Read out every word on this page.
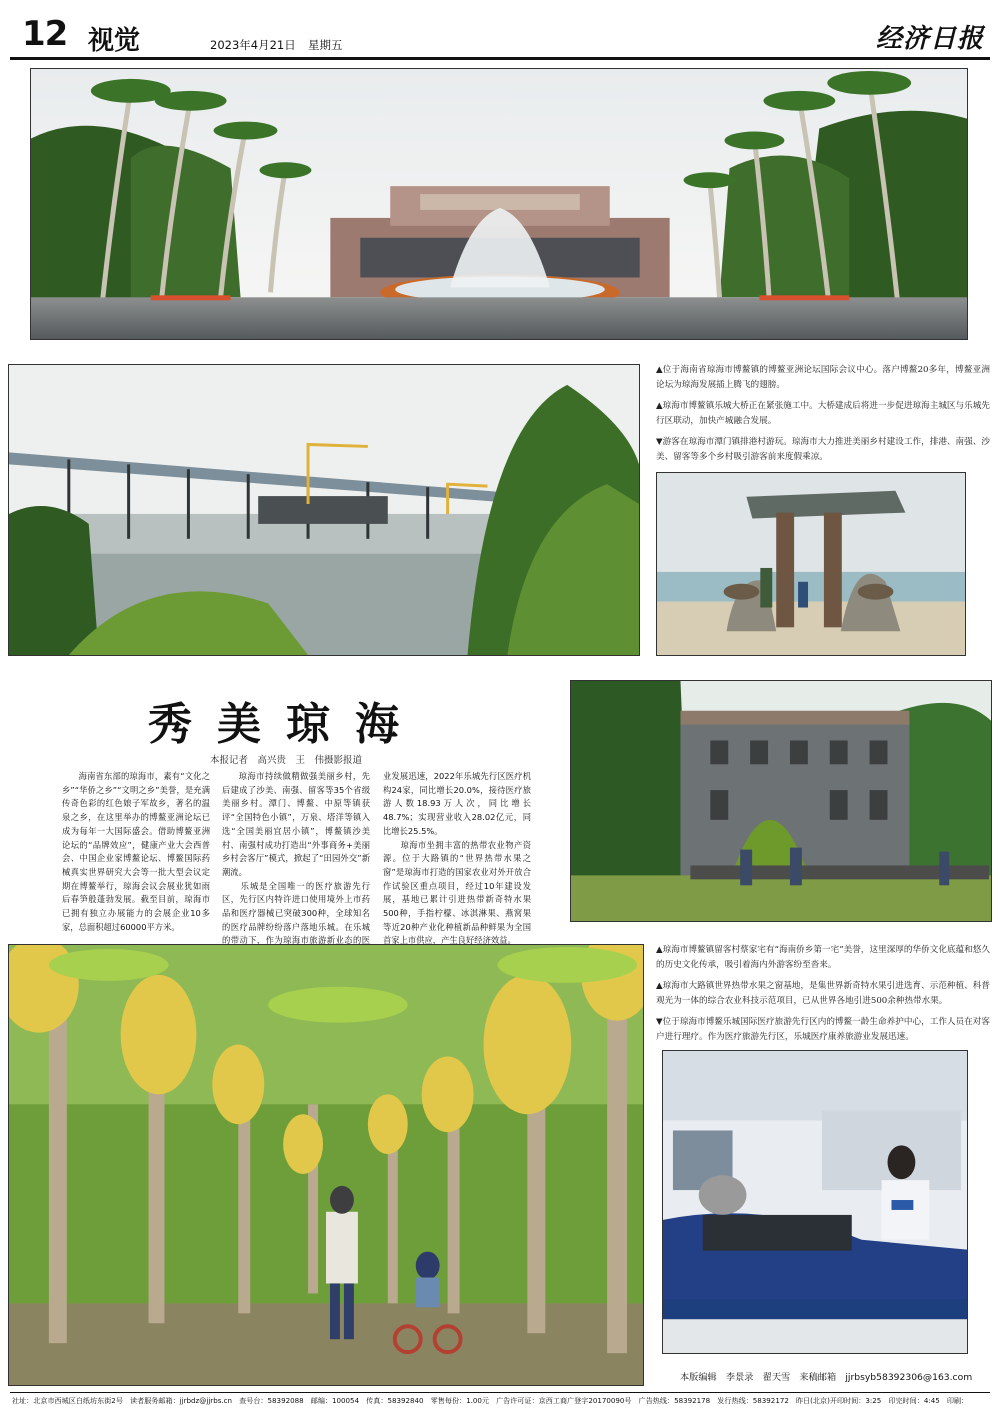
12 视觉	2023年4月21日 星期五	经济日报

▲位于海南省琼海市博鳌镇的博鳌亚洲论坛国际会议中心。落户博鳌20多年，博鳌亚洲论坛为琼海发展插上腾飞的翅膀。

▲琼海市博鳌镇乐城大桥正在紧张施工中。大桥建成后将进一步促进琼海主城区与乐城先行区联动，加快产城融合发展。

▼游客在琼海市潭门镇排港村游玩。琼海市大力推进美丽乡村建设工作，排港、南强、沙美、留客等多个乡村吸引游客前来度假乘凉。

秀美琼海
本报记者　高兴贵　王　伟摄影报道
海南省东部的琼海市，素有“文化之乡”“华侨之乡”“文明之乡”美誉，是充满传奇色彩的红色娘子军故乡，著名的温泉之乡，在这里举办的博鳌亚洲论坛已成为每年一大国际盛会。借助博鳌亚洲论坛的“品牌效应”，健康产业大会西普会、中国企业家博鳌论坛、博鳌国际药械真实世界研究大会等一批大型会议定期在博鳌举行，琼海会议会展业犹如雨后春笋般蓬勃发展。截至目前，琼海市已拥有独立办展能力的会展企业10多家，总面积超过60000平方米。
琼海市持续做精做强美丽乡村，先后建成了沙美、南强、留客等35个省级美丽乡村。潭门、博鳌、中原等镇获评“全国特色小镇”，万泉、塔洋等镇入选“全国美丽宜居小镇”，博鳌镇沙美村、南强村成功打造出“外事商务+美丽乡村会客厅”模式，掀起了“田园外交”新潮流。
　　乐城是全国唯一的医疗旅游先行区，先行区内特许进口使用境外上市药品和医疗器械已突破300种，全球知名的医疗品牌纷纷落户落地乐城。在乐城的带动下，作为琼海市旅游新业态的医
业发展迅速，2022年乐城先行区医疗机构24家，同比增长20.0%，接待医疗旅游人数18.93万人次，同比增长48.7%；实现营业收入28.02亿元，同比增长25.5%。
　　琼海市坐拥丰富的热带农业物产资源。位于大路镇的“世界热带水果之窗”是琼海市打造的国家农业对外开放合作试验区重点项目，经过10年建设发展，基地已累计引进热带新奇特水果500种，手指柠檬、冰淇淋果、燕窝果等近20种产业化种植新品种鲜果为全国首家上市供应，产生良好经济效益。

▲琼海市博鳌镇留客村蔡家宅有“海南侨乡第一宅”美誉，这里深厚的华侨文化底蕴和悠久的历史文化传承，吸引着海内外游客纷至沓来。

▲琼海市大路镇世界热带水果之窗基地，是集世界新奇特水果引进选育、示范种植、科普观光为一体的综合农业科技示范项目，已从世界各地引进500余种热带水果。

▼位于琼海市博鳌乐城国际医疗旅游先行区内的博鳌一龄生命养护中心，工作人员在对客户进行理疗。作为医疗旅游先行区，乐城医疗康养旅游业发展迅速。

本版编辑　李景录　翟天雪　来稿邮箱　jjrbsyb58392306@163.com
社址：北京市西城区白纸坊东街2号　读者服务邮箱：jjrbdz@jjrbs.cn　查号台：58392088　邮编：100054　传真：58392840　零售每份：1.00元　广告许可证：京西工商广登字20170090号　广告热线：58392178　发行热线：58392172　昨日(北京)开印时间：3:25　印完时间：4:45　印刷：
